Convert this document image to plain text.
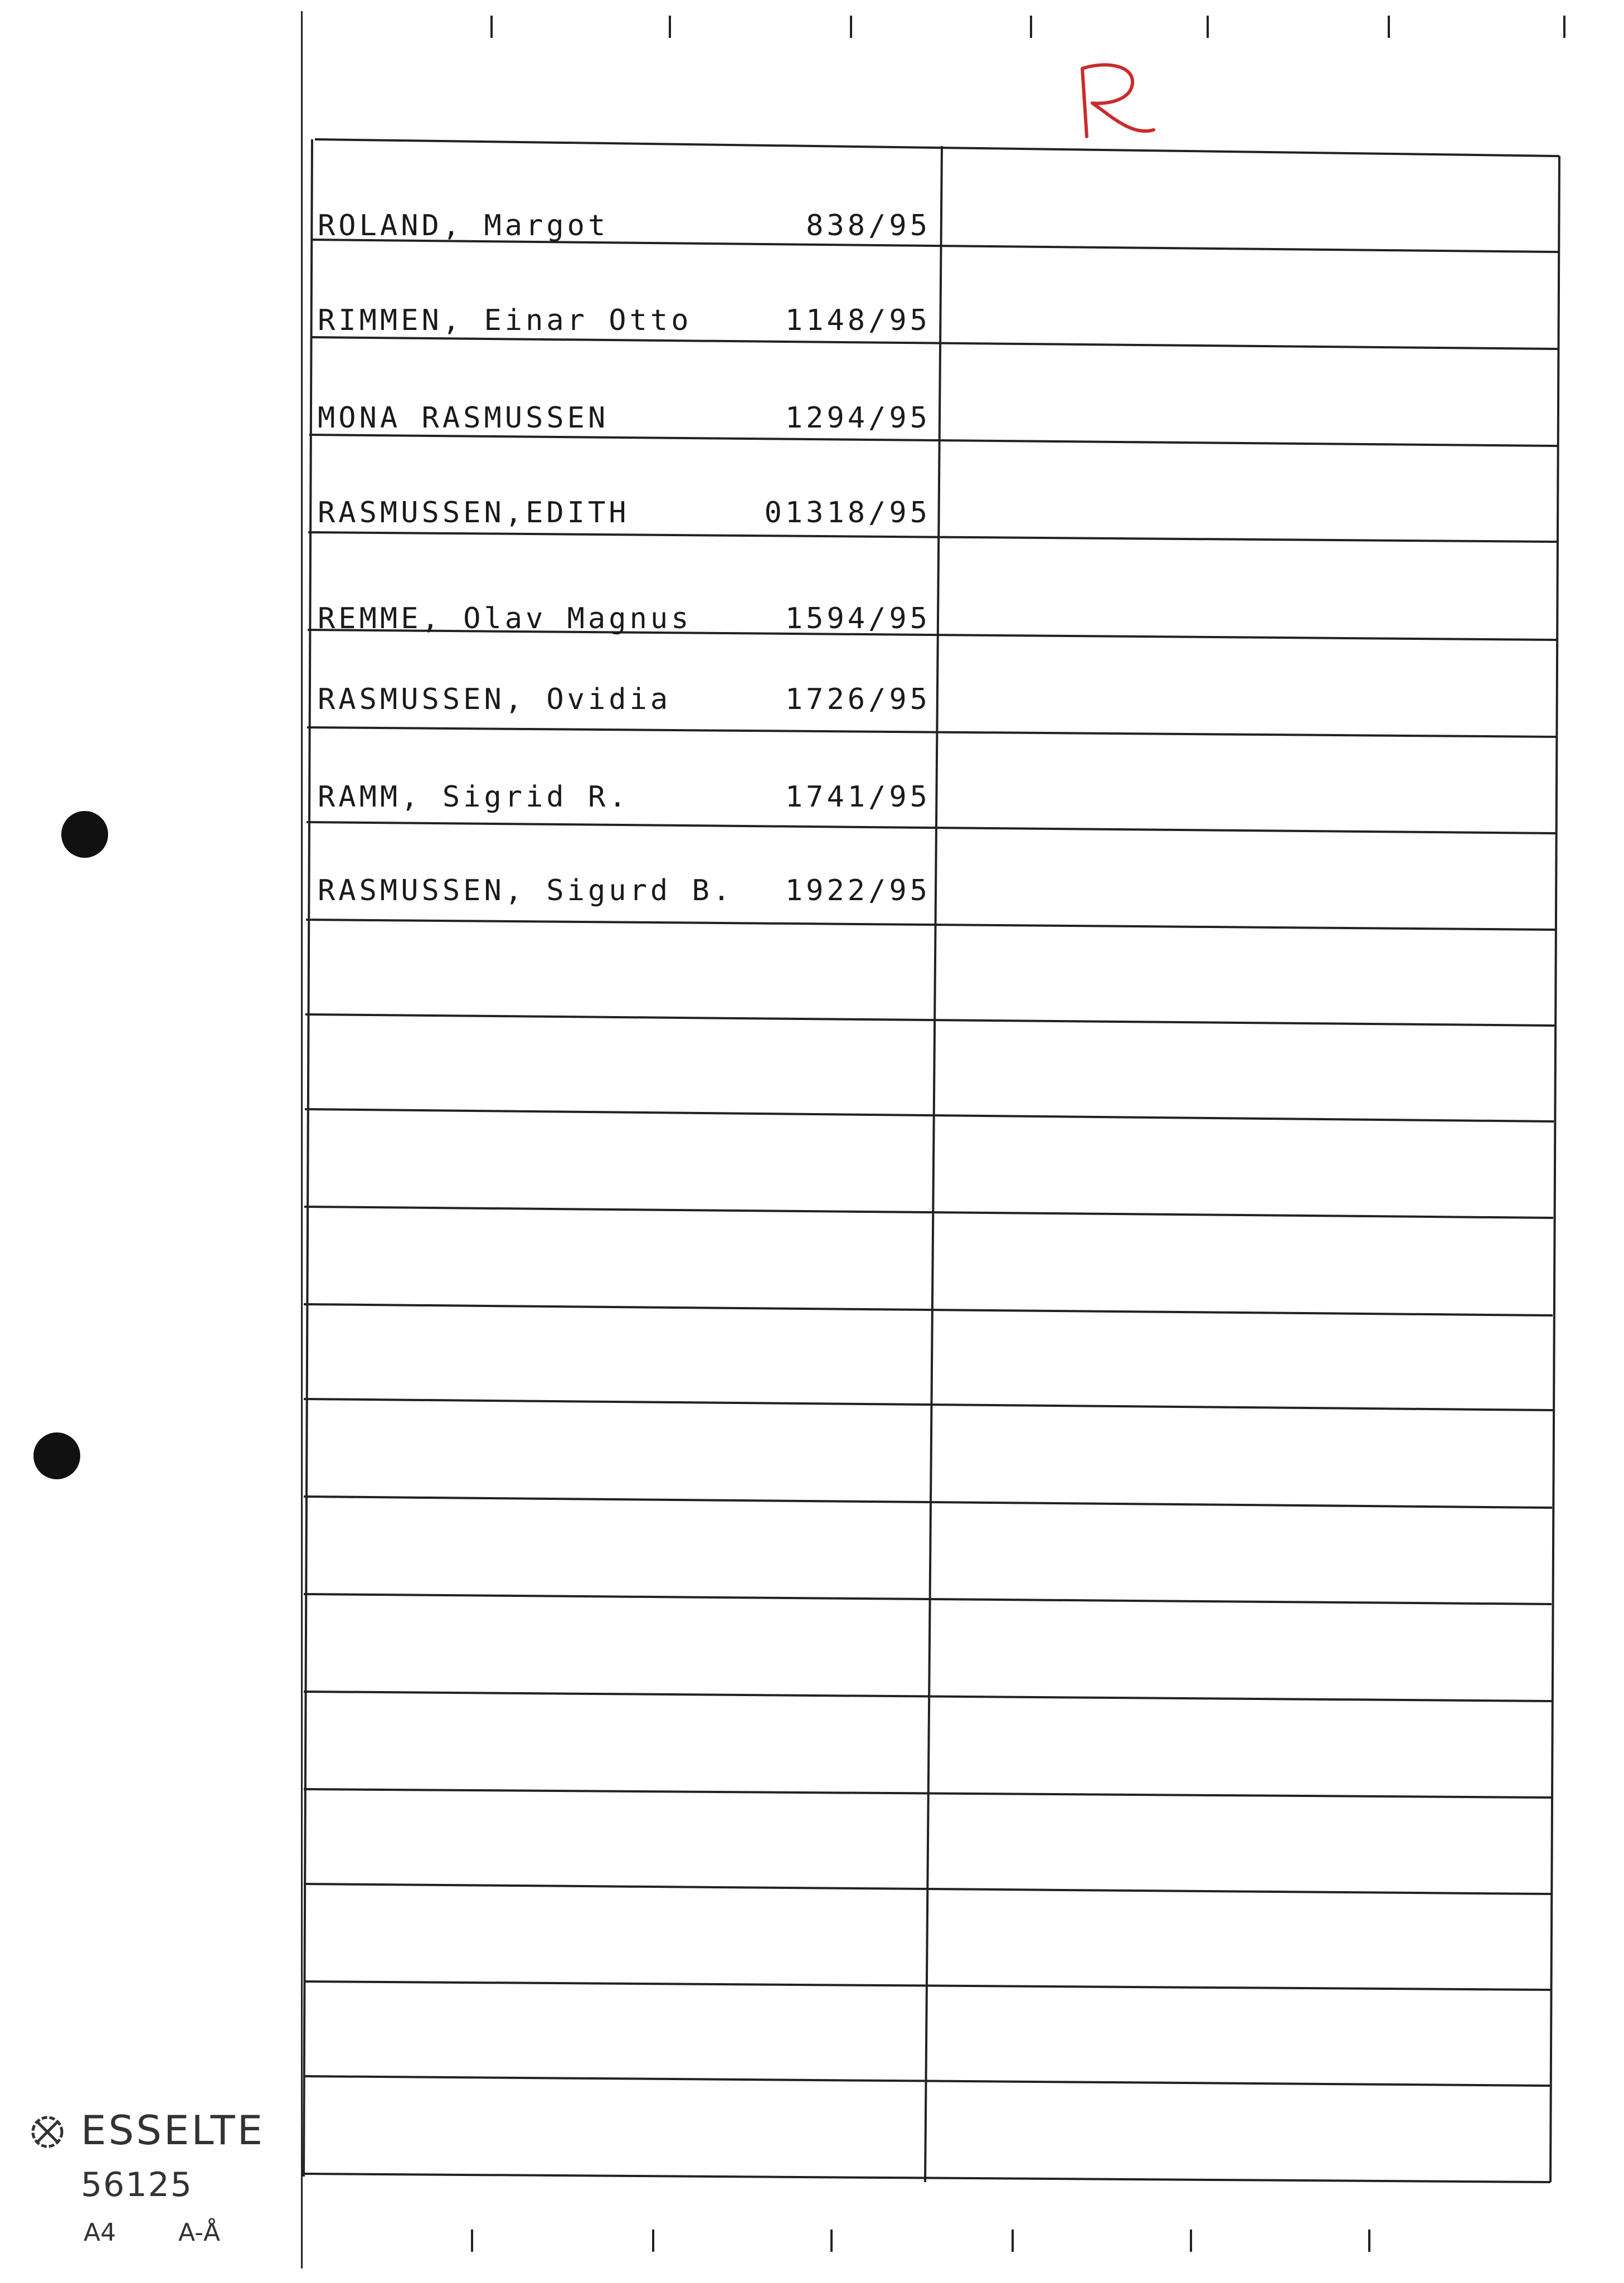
ROLAND, Margot	838/95
RIMMEN, Einar Otto	1148/95
MONA RASMUSSEN	1294/95
RASMUSSEN,EDITH	01318/95
REMME, Olav Magnus	1594/95
RASMUSSEN, Ovidia	1726/95
RAMM, Sigrid R.	1741/95
RASMUSSEN, Sigurd B. 1922/95
ESSELTE
56125
A4	A-Å
